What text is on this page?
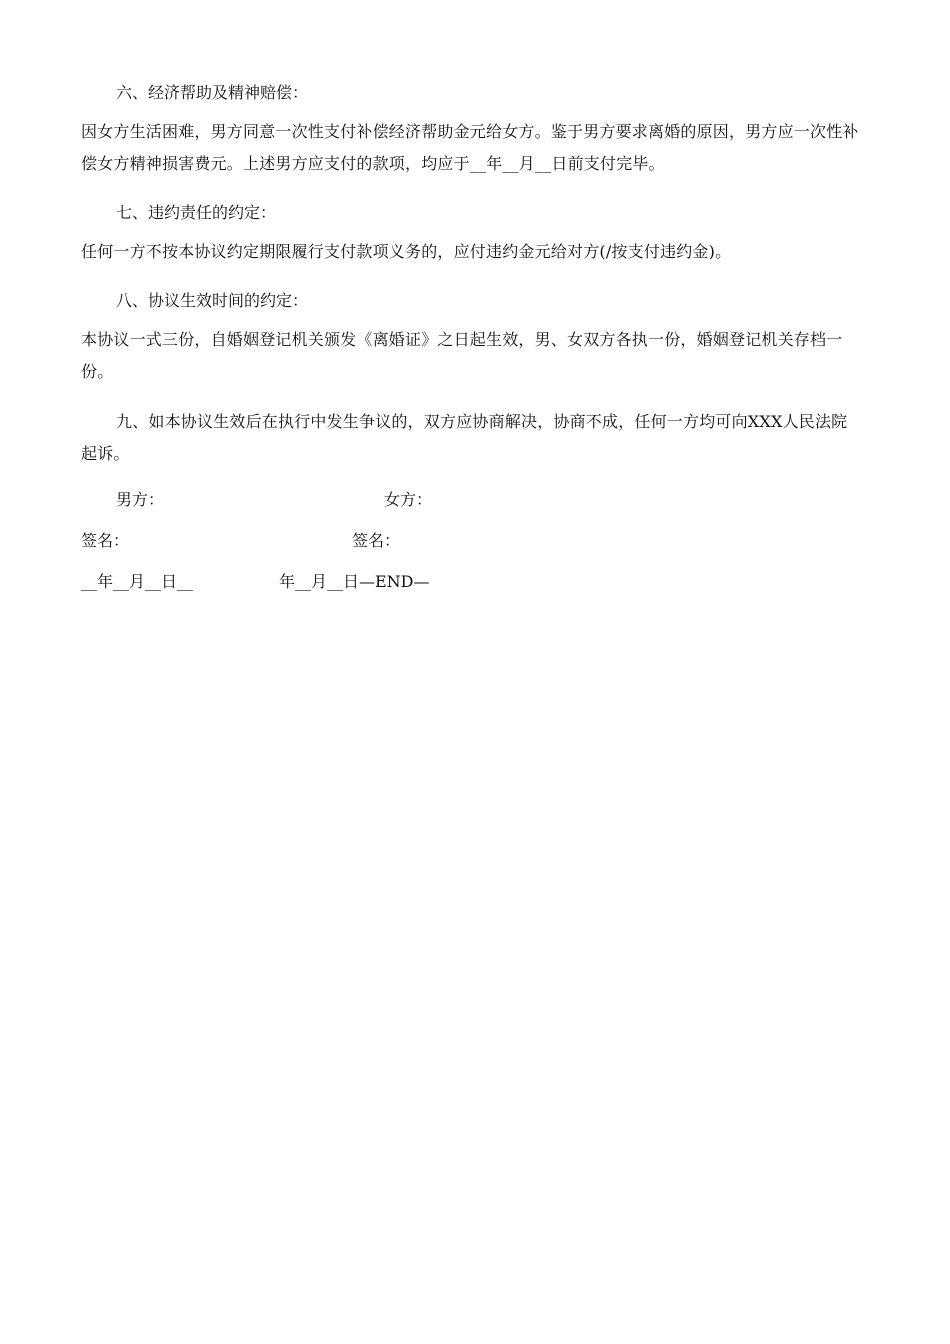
六、经济帮助及精神赔偿：

因女方生活困难，男方同意一次性支付补偿经济帮助金元给女方。鉴于男方要求离婚的原因，男方应一次性补偿女方精神损害费元。上述男方应支付的款项，均应于__年__月__日前支付完毕。

七、违约责任的约定：

任何一方不按本协议约定期限履行支付款项义务的，应付违约金元给对方(/按支付违约金)。

八、协议生效时间的约定：

本协议一式三份，自婚姻登记机关颁发《离婚证》之日起生效，男、女双方各执一份，婚姻登记机关存档一份。

九、如本协议生效后在执行中发生争议的，双方应协商解决，协商不成，任何一方均可向XXX人民法院起诉。

男方：	女方：
签名：	签名：
__年__月__日__	年__月__日—END—
